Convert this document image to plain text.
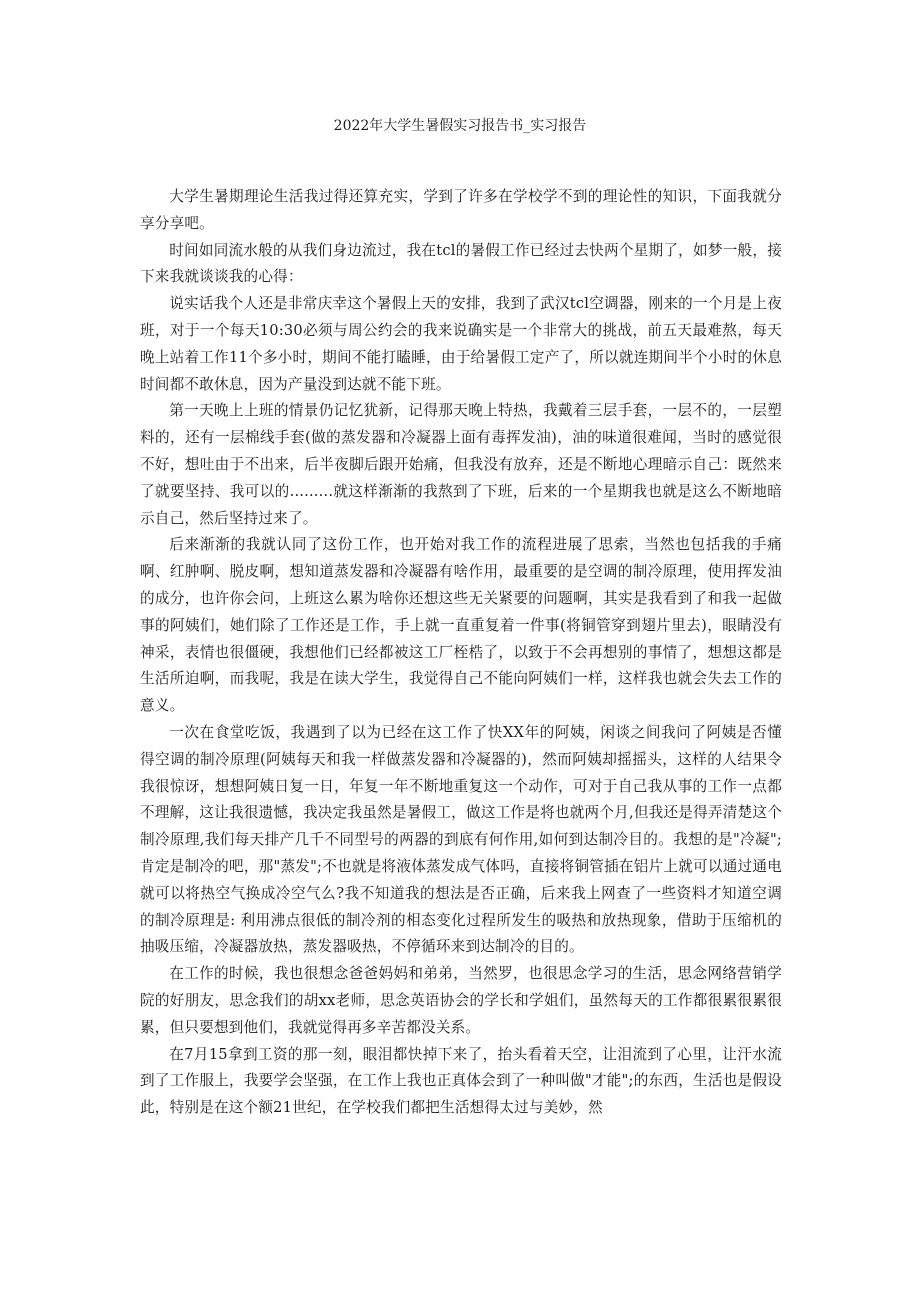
2022年大学生暑假实习报告书_实习报告

大学生暑期理论生活我过得还算充实，学到了许多在学校学不到的理论性的知识，下面我就分享分享吧。

时间如同流水般的从我们身边流过，我在tcl的暑假工作已经过去快两个星期了，如梦一般，接下来我就谈谈我的心得：

说实话我个人还是非常庆幸这个暑假上天的安排，我到了武汉tcl空调器，刚来的一个月是上夜班，对于一个每天10:30必须与周公约会的我来说确实是一个非常大的挑战，前五天最难熬，每天晚上站着工作11个多小时，期间不能打瞌睡，由于给暑假工定产了，所以就连期间半个小时的休息时间都不敢休息，因为产量没到达就不能下班。

第一天晚上上班的情景仍记忆犹新，记得那天晚上特热，我戴着三层手套，一层不的，一层塑料的，还有一层棉线手套(做的蒸发器和冷凝器上面有毒挥发油)，油的味道很难闻，当时的感觉很不好，想吐由于不出来，后半夜脚后跟开始痛，但我没有放弃，还是不断地心理暗示自己：既然来了就要坚持、我可以的.........就这样渐渐的我熬到了下班，后来的一个星期我也就是这么不断地暗示自己，然后坚持过来了。

后来渐渐的我就认同了这份工作，也开始对我工作的流程进展了思索，当然也包括我的手痛啊、红肿啊、脱皮啊，想知道蒸发器和冷凝器有啥作用，最重要的是空调的制冷原理，使用挥发油的成分，也许你会问，上班这么累为啥你还想这些无关紧要的问题啊，其实是我看到了和我一起做事的阿姨们，她们除了工作还是工作，手上就一直重复着一件事(将铜管穿到翅片里去)，眼睛没有神采，表情也很僵硬，我想他们已经都被这工厂桎梏了，以致于不会再想别的事情了，想想这都是生活所迫啊，而我呢，我是在读大学生，我觉得自己不能向阿姨们一样，这样我也就会失去工作的意义。

一次在食堂吃饭，我遇到了以为已经在这工作了快XX年的阿姨，闲谈之间我问了阿姨是否懂得空调的制冷原理(阿姨每天和我一样做蒸发器和冷凝器的)，然而阿姨却摇摇头，这样的人结果令我很惊讶，想想阿姨日复一日，年复一年不断地重复这一个动作，可对于自己我从事的工作一点都不理解，这让我很遗憾，我决定我虽然是暑假工，做这工作是将也就两个月,但我还是得弄清楚这个制冷原理,我们每天排产几千不同型号的两器的到底有何作用,如何到达制冷目的。我想的是"冷凝";肯定是制冷的吧，那"蒸发";不也就是将液体蒸发成气体吗，直接将铜管插在铝片上就可以通过通电就可以将热空气换成冷空气么?我不知道我的想法是否正确，后来我上网查了一些资料才知道空调的制冷原理是: 利用沸点很低的制冷剂的相态变化过程所发生的吸热和放热现象，借助于压缩机的抽吸压缩，冷凝器放热，蒸发器吸热，不停循环来到达制冷的目的。

在工作的时候，我也很想念爸爸妈妈和弟弟，当然罗，也很思念学习的生活，思念网络营销学院的好朋友，思念我们的胡xx老师，思念英语协会的学长和学姐们，虽然每天的工作都很累很累很累，但只要想到他们，我就觉得再多辛苦都没关系。

在7月15拿到工资的那一刻，眼泪都快掉下来了，抬头看着天空，让泪流到了心里，让汗水流到了工作服上，我要学会坚强，在工作上我也正真体会到了一种叫做"才能";的东西，生活也是假设此，特别是在这个额21世纪，在学校我们都把生活想得太过与美妙，然
